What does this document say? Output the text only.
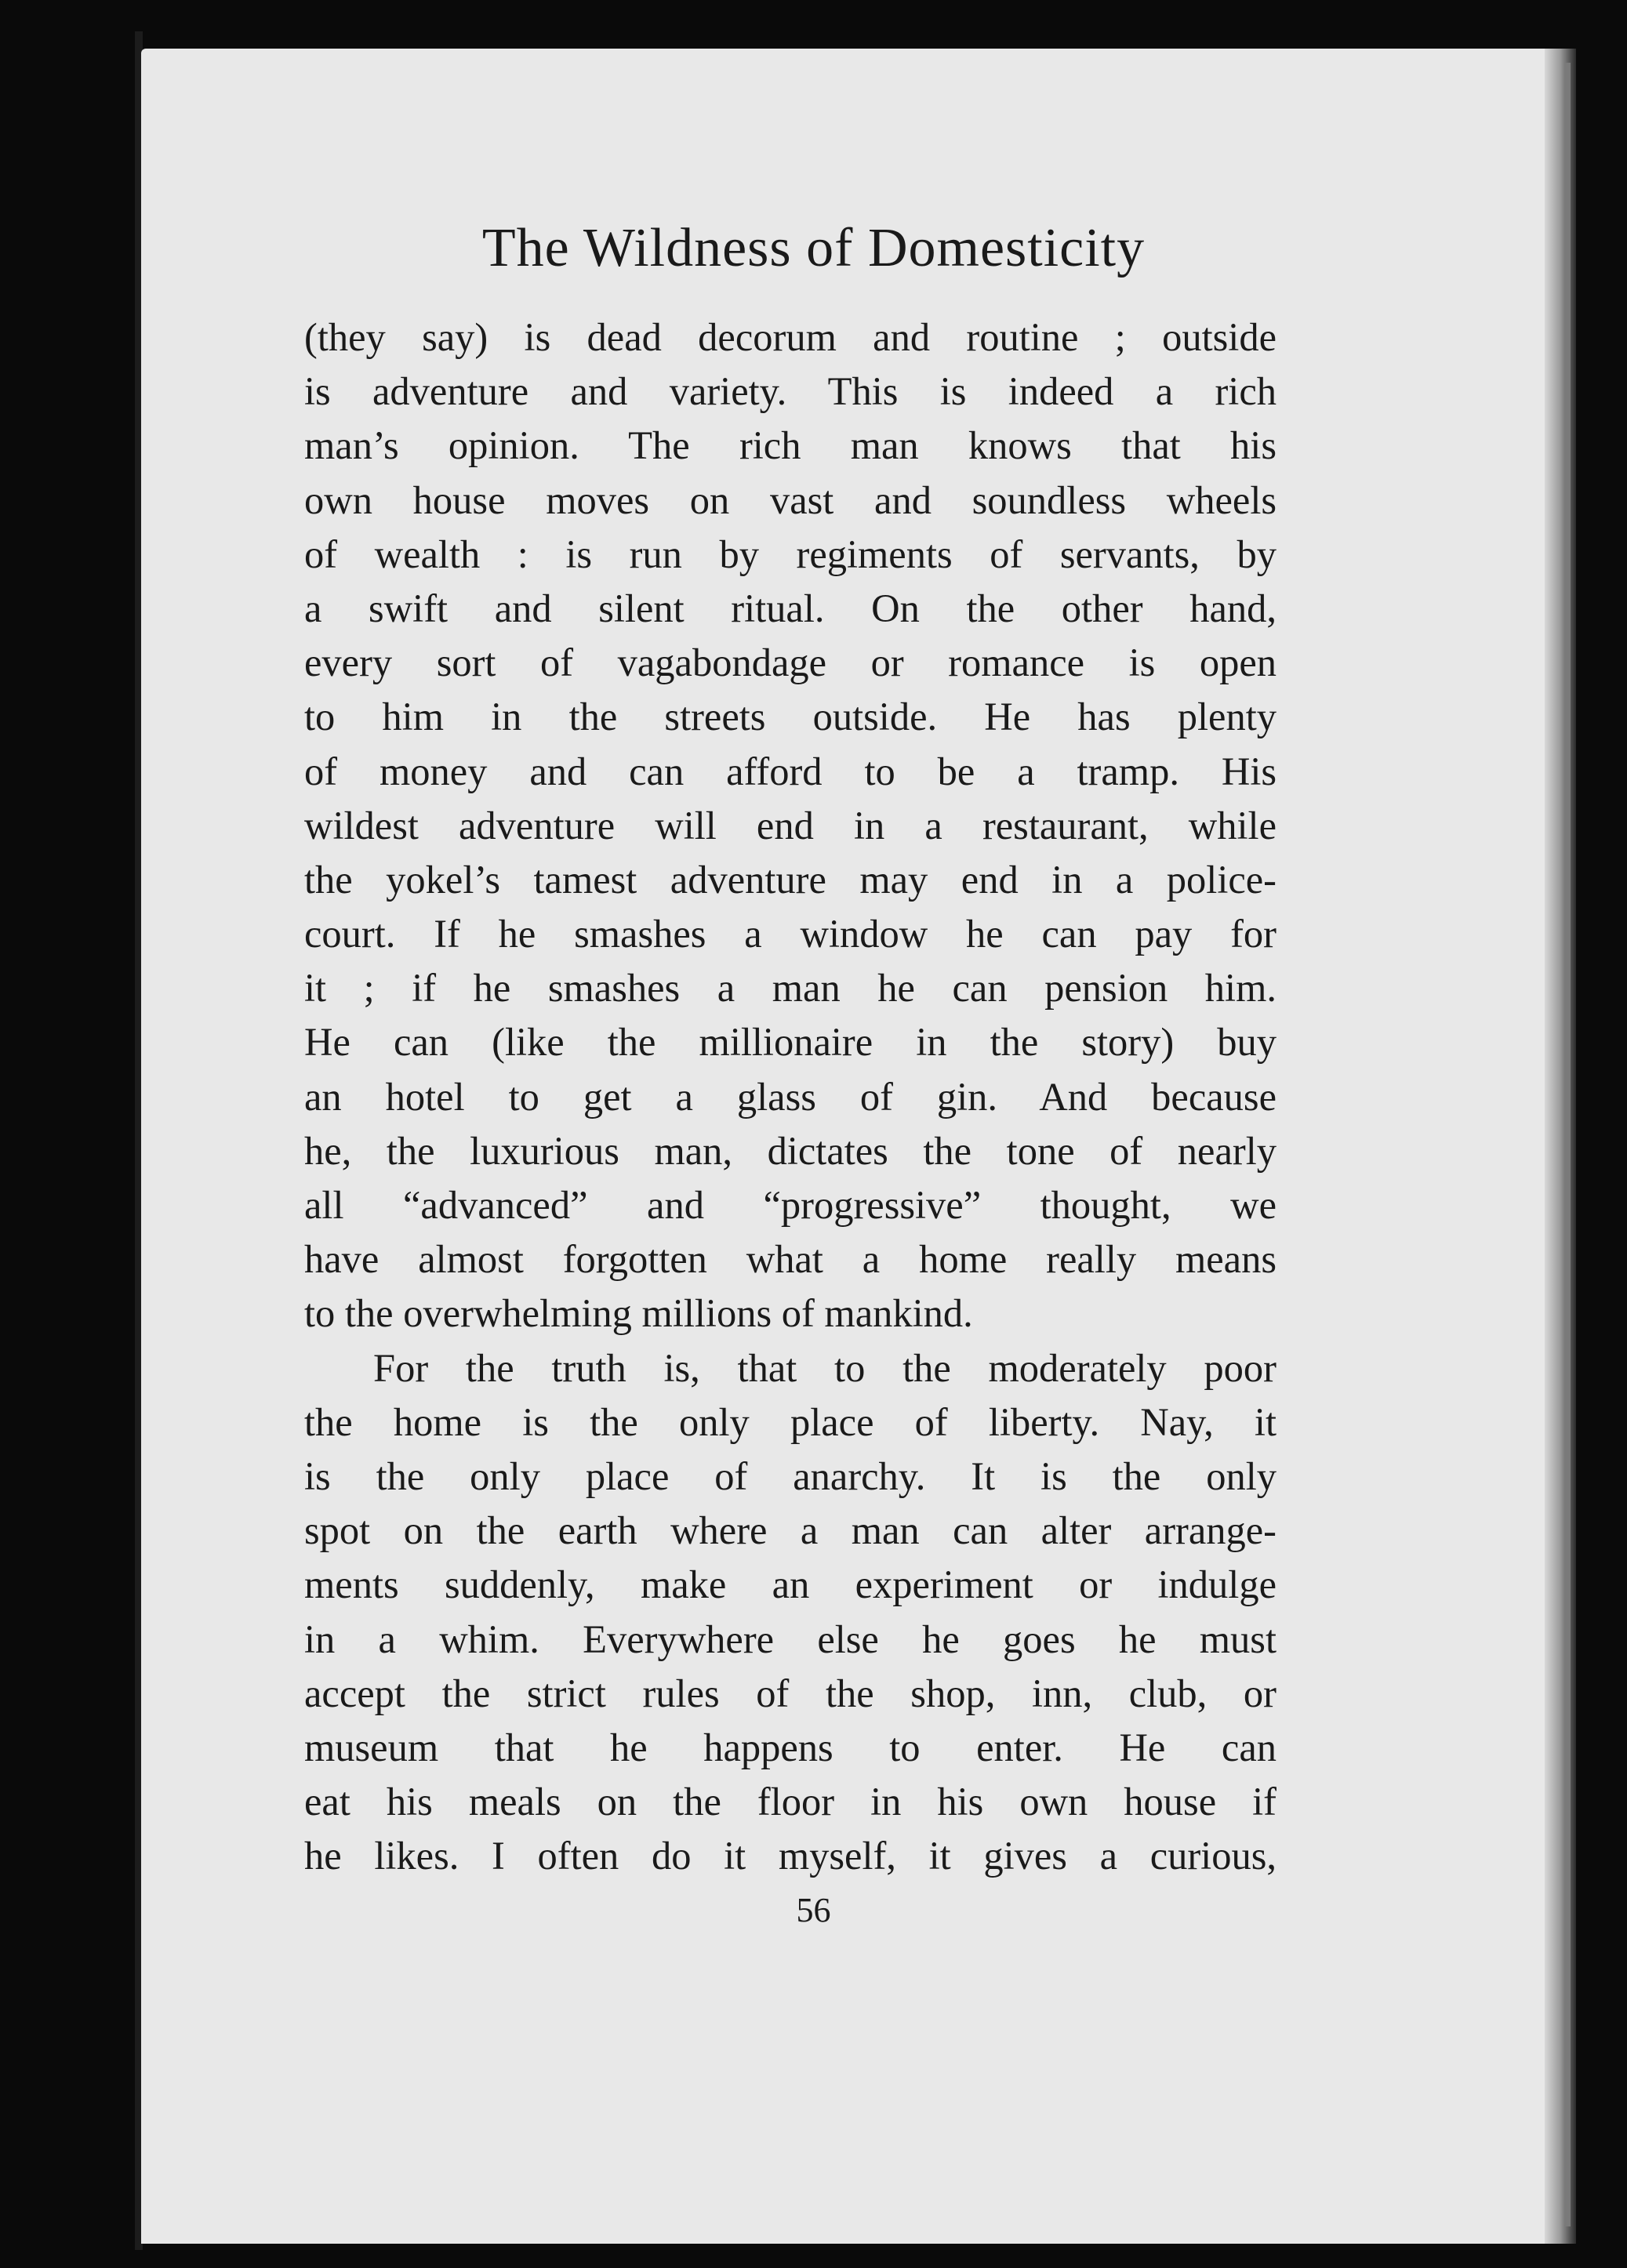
The Wildness of Domesticity
(they say) is dead decorum and routine ; outside
is adventure and variety. This is indeed a rich
man’s opinion. The rich man knows that his
own house moves on vast and soundless wheels
of wealth : is run by regiments of servants, by
a swift and silent ritual. On the other hand,
every sort of vagabondage or romance is open
to him in the streets outside. He has plenty
of money and can afford to be a tramp. His
wildest adventure will end in a restaurant, while
the yokel’s tamest adventure may end in a police-
court. If he smashes a window he can pay for
it ; if he smashes a man he can pension him.
He can (like the millionaire in the story) buy
an hotel to get a glass of gin. And because
he, the luxurious man, dictates the tone of nearly
all “advanced” and “progressive” thought, we
have almost forgotten what a home really means
to the overwhelming millions of mankind.
For the truth is, that to the moderately poor
the home is the only place of liberty. Nay, it
is the only place of anarchy. It is the only
spot on the earth where a man can alter arrange-
ments suddenly, make an experiment or indulge
in a whim. Everywhere else he goes he must
accept the strict rules of the shop, inn, club, or
museum that he happens to enter. He can
eat his meals on the floor in his own house if
he likes. I often do it myself, it gives a curious,
56
